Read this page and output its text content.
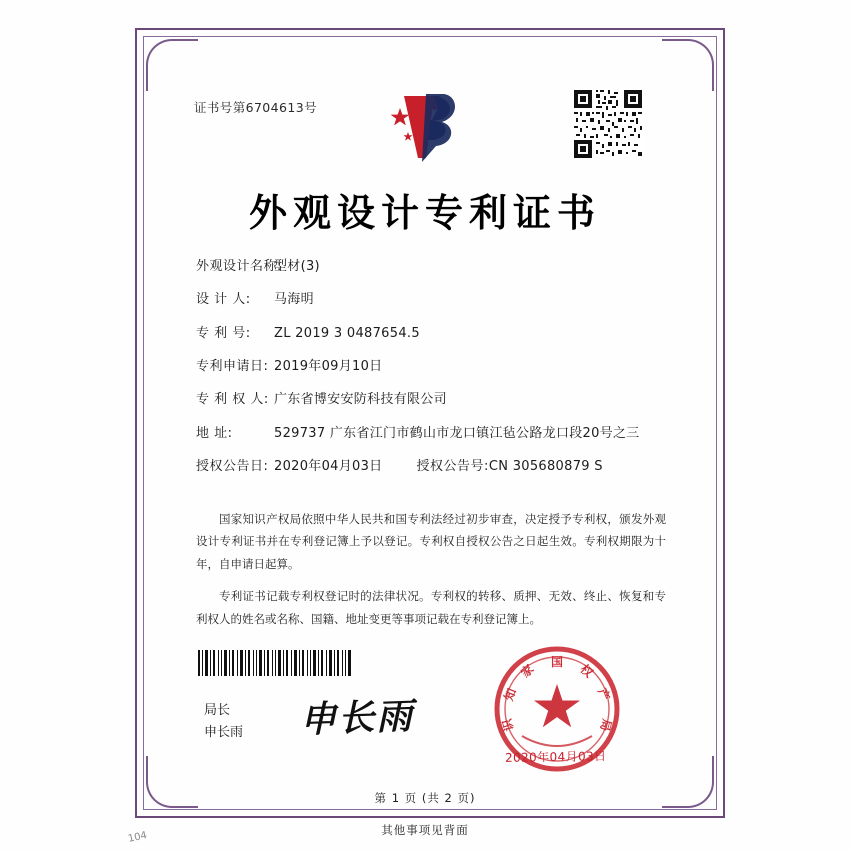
证书号第6704613号
外观设计专利证书
外观设计名称:
型材(3)
设 计 人:	马海明
专 利 号:	ZL 2019 3 0487654.5
专利申请日: 2019年09月10日
专 利 权 人: 广东省博安安防科技有限公司
地 址:	529737 广东省江门市鹤山市龙口镇江毡公路龙口段20号之三
授权公告日: 2020年04月03日	授权公告号: CN 305680879 S

国家知识产权局依照中华人民共和国专利法经过初步审查，决定授予专利权，颁发外观设计专利证书并在专利登记簿上予以登记。专利权自授权公告之日起生效。专利权期限为十年，自申请日起算。

专利证书记载专利权登记时的法律状况。专利权的转移、质押、无效、终止、恢复和专利权人的姓名或名称、国籍、地址变更等事项记载在专利登记簿上。

局长
申长雨 申长雨
国
家
知
识
权
产
局
2020年04月03日
第 1 页 (共 2 页)
其他事项见背面
104
